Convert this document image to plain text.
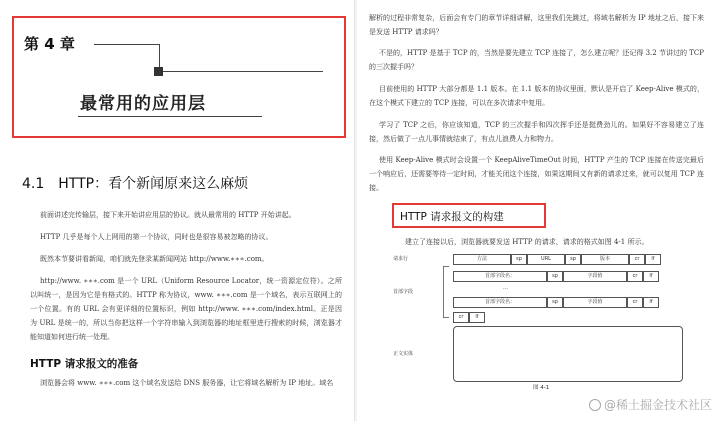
第 4 章
最常用的应用层
4.1　HTTP：看个新闻原来这么麻烦
前面讲述完传输层，接下来开始讲应用层的协议。就从最常用的 HTTP 开始讲起。
HTTP 几乎是每个人上网用的第一个协议，同时也是很容易被忽略的协议。
既然本节要讲看新闻，咱们就先登录某新闻网站 http://www.∗∗∗.com。
http://www. ∗∗∗.com 是一个 URL（Uniform Resource Locator，统一资源定位符）。之所以叫统一，是因为它是有格式的。HTTP 称为协议，www. ∗∗∗.com 是一个域名，表示互联网上的一个位置。有的 URL 会有更详细的位置标识，例如 http://www. ∗∗∗.com/index.html。正是因为 URL 是统一的，所以当你把这样一个字符串输入到浏览器的地址框里进行搜索的时候，浏览器才能知道如何进行统一处理。
HTTP 请求报文的准备
浏览器会将 www. ∗∗∗.com 这个域名发送给 DNS 服务器，让它将域名解析为 IP 地址。域名
解析的过程非常复杂，后面会有专门的章节详细讲解，这里我们先跳过，将域名解析为 IP 地址之后，接下来是发送 HTTP 请求吗？
不是的，HTTP 是基于 TCP 的，当然是要先建立 TCP 连接了，怎么建立呢？还记得 3.2 节讲过的 TCP 的三次握手吗？
目前使用的 HTTP 大部分都是 1.1 版本。在 1.1 版本的协议里面，默认是开启了 Keep-Alive 模式的，在这个模式下建立的 TCP 连接，可以在多次请求中复用。
学习了 TCP 之后，你应该知道，TCP 的三次握手和四次挥手还是挺费劲儿的。如果好不容易建立了连接，然后做了一点儿事情就结束了，有点儿浪费人力和物力。
使用 Keep-Alive 模式时会设置一个 KeepAliveTimeOut 时间，HTTP 产生的 TCP 连接在传送完最后一个响应后，还需要等待一定时间，才能关闭这个连接，如果这期间又有新的请求过来，就可以复用 TCP 连接。
HTTP 请求报文的构建
建立了连接以后，浏览器就要发送 HTTP 的请求，请求的格式如图 4-1 所示。
请求行
首部字段
正文实体
方法	sp	URL	sp	版本	cr	lf
首部字段名：	sp	字段值	cr	lf
…
首部字段名：	sp	字段值	cr	lf
cr	lf
图 4-1
@稀土掘金技术社区
